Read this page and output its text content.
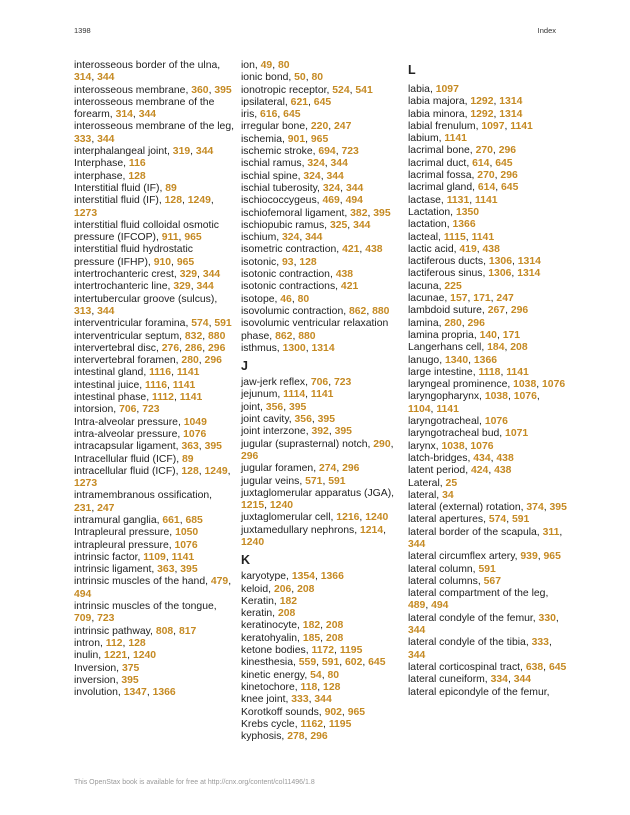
1398	Index
interosseous border of the ulna, 314, 344
interosseous membrane, 360, 395
interosseous membrane of the forearm, 314, 344
interosseous membrane of the leg, 333, 344
interphalangeal joint, 319, 344
Interphase, 116
interphase, 128
Interstitial fluid (IF), 89
interstitial fluid (IF), 128, 1249, 1273
interstitial fluid colloidal osmotic pressure (IFCOP), 911, 965
interstitial fluid hydrostatic pressure (IFHP), 910, 965
intertrochanteric crest, 329, 344
intertrochanteric line, 329, 344
intertubercular groove (sulcus), 313, 344
interventricular foramina, 574, 591
interventricular septum, 832, 880
intervertebral disc, 276, 286, 296
intervertebral foramen, 280, 296
intestinal gland, 1116, 1141
intestinal juice, 1116, 1141
intestinal phase, 1112, 1141
intorsion, 706, 723
Intra-alveolar pressure, 1049
intra-alveolar pressure, 1076
intracapsular ligament, 363, 395
Intracellular fluid (ICF), 89
intracellular fluid (ICF), 128, 1249, 1273
intramembranous ossification, 231, 247
intramural ganglia, 661, 685
Intrapleural pressure, 1050
intrapleural pressure, 1076
intrinsic factor, 1109, 1141
intrinsic ligament, 363, 395
intrinsic muscles of the hand, 479, 494
intrinsic muscles of the tongue, 709, 723
intrinsic pathway, 808, 817
intron, 112, 128
inulin, 1221, 1240
Inversion, 375
inversion, 395
involution, 1347, 1366
ion, 49, 80
ionic bond, 50, 80
ionotropic receptor, 524, 541
ipsilateral, 621, 645
iris, 616, 645
irregular bone, 220, 247
ischemia, 901, 965
ischemic stroke, 694, 723
ischial ramus, 324, 344
ischial spine, 324, 344
ischial tuberosity, 324, 344
ischiococcygeus, 469, 494
ischiofemoral ligament, 382, 395
ischiopubic ramus, 325, 344
ischium, 324, 344
isometric contraction, 421, 438
isotonic, 93, 128
isotonic contraction, 438
isotonic contractions, 421
isotope, 46, 80
isovolumic contraction, 862, 880
isovolumic ventricular relaxation phase, 862, 880
isthmus, 1300, 1314
J
jaw-jerk reflex, 706, 723
jejunum, 1114, 1141
joint, 356, 395
joint cavity, 356, 395
joint interzone, 392, 395
jugular (suprasternal) notch, 290, 296
jugular foramen, 274, 296
jugular veins, 571, 591
juxtaglomerular apparatus (JGA), 1215, 1240
juxtaglomerular cell, 1216, 1240
juxtamedullary nephrons, 1214, 1240
K
karyotype, 1354, 1366
keloid, 206, 208
Keratin, 182
keratin, 208
keratinocyte, 182, 208
keratohyalin, 185, 208
ketone bodies, 1172, 1195
kinesthesia, 559, 591, 602, 645
kinetic energy, 54, 80
kinetochore, 118, 128
knee joint, 333, 344
Korotkoff sounds, 902, 965
Krebs cycle, 1162, 1195
kyphosis, 278, 296
L
labia, 1097
labia majora, 1292, 1314
labia minora, 1292, 1314
labial frenulum, 1097, 1141
labium, 1141
lacrimal bone, 270, 296
lacrimal duct, 614, 645
lacrimal fossa, 270, 296
lacrimal gland, 614, 645
lactase, 1131, 1141
Lactation, 1350
lactation, 1366
lacteal, 1115, 1141
lactic acid, 419, 438
lactiferous ducts, 1306, 1314
lactiferous sinus, 1306, 1314
lacuna, 225
lacunae, 157, 171, 247
lambdoid suture, 267, 296
lamina, 280, 296
lamina propria, 140, 171
Langerhans cell, 184, 208
lanugo, 1340, 1366
large intestine, 1118, 1141
laryngeal prominence, 1038, 1076
laryngopharynx, 1038, 1076, 1104, 1141
laryngotracheal, 1076
laryngotracheal bud, 1071
larynx, 1038, 1076
latch-bridges, 434, 438
latent period, 424, 438
Lateral, 25
lateral, 34
lateral (external) rotation, 374, 395
lateral apertures, 574, 591
lateral border of the scapula, 311, 344
lateral circumflex artery, 939, 965
lateral column, 591
lateral columns, 567
lateral compartment of the leg, 489, 494
lateral condyle of the femur, 330, 344
lateral condyle of the tibia, 333, 344
lateral corticospinal tract, 638, 645
lateral cuneiform, 334, 344
lateral epicondyle of the femur,
This OpenStax book is available for free at http://cnx.org/content/col11496/1.8
